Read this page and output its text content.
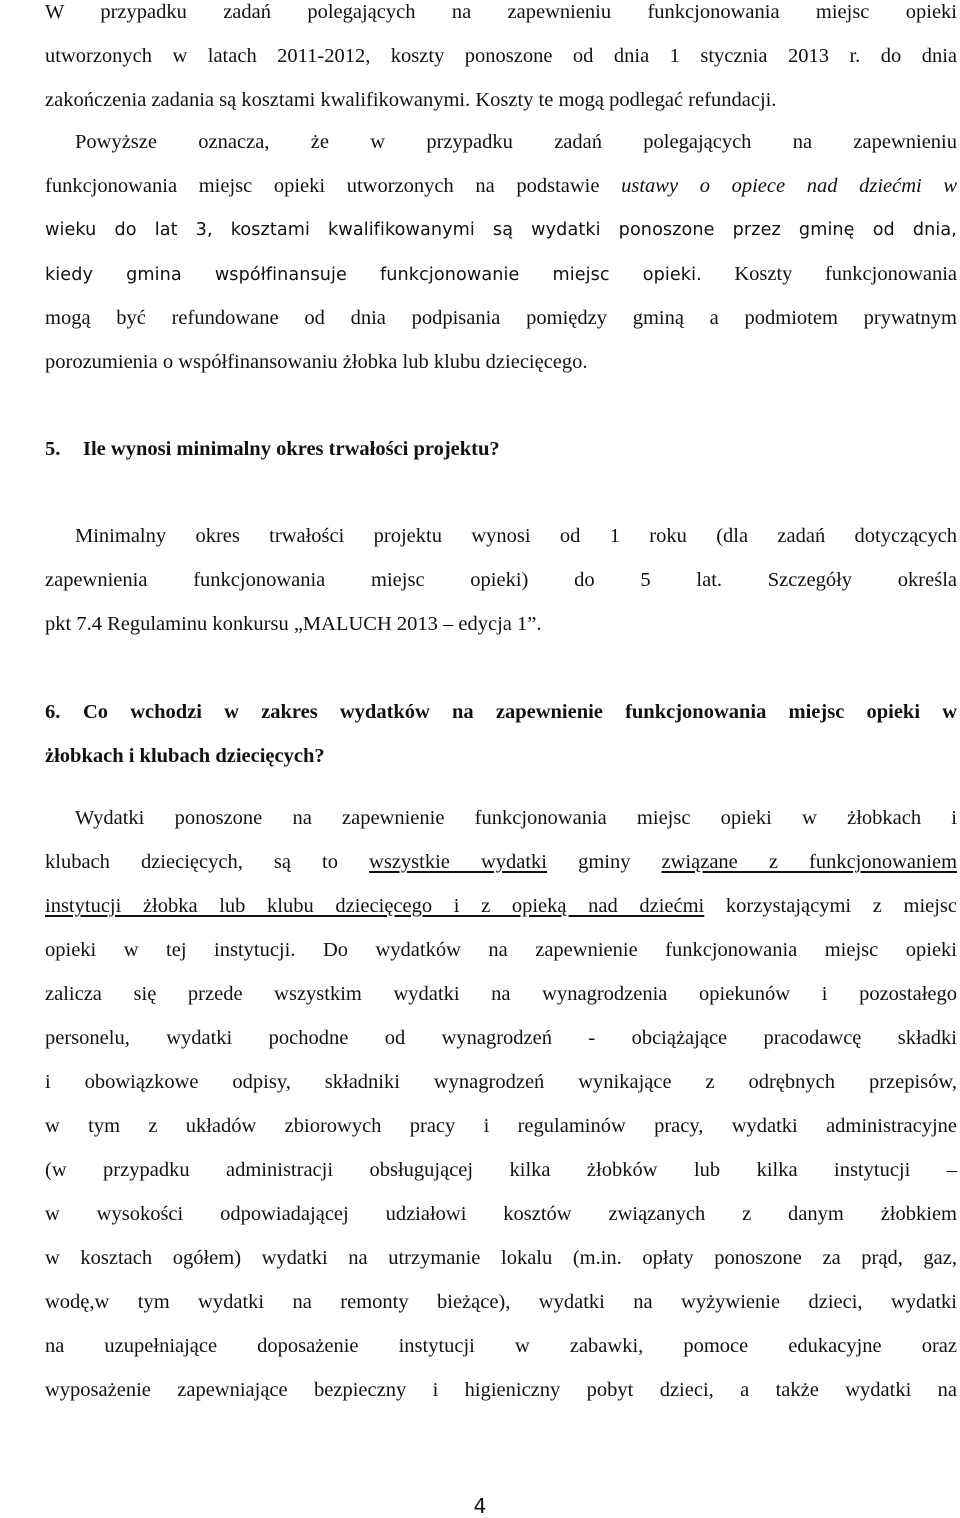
W przypadku zadań polegających na zapewnieniu funkcjonowania miejsc opieki
utworzonych w latach 2011-2012, koszty ponoszone od dnia 1 stycznia 2013 r. do dnia
zakończenia zadania są kosztami kwalifikowanymi. Koszty te mogą podlegać refundacji.
Powyższe oznacza, że w przypadku zadań polegających na zapewnieniu
funkcjonowania miejsc opieki utworzonych na podstawie ustawy o opiece nad dziećmi w
wieku do lat 3, kosztami kwalifikowanymi są wydatki ponoszone przez gminę od dnia,
kiedy gmina współfinansuje funkcjonowanie miejsc opieki. Koszty funkcjonowania
mogą być refundowane od dnia podpisania pomiędzy gminą a podmiotem prywatnym
porozumienia o współfinansowaniu żłobka lub klubu dziecięcego.
5. Ile wynosi minimalny okres trwałości projektu?
Minimalny okres trwałości projektu wynosi od 1 roku (dla zadań dotyczących
zapewnienia funkcjonowania miejsc opieki) do 5 lat. Szczegóły określa
pkt 7.4 Regulaminu konkursu „MALUCH 2013 – edycja 1”.
6. Co wchodzi w zakres wydatków na zapewnienie funkcjonowania miejsc opieki w
żłobkach i klubach dziecięcych?
Wydatki ponoszone na zapewnienie funkcjonowania miejsc opieki w żłobkach i
klubach dziecięcych, są to wszystkie wydatki gminy związane z funkcjonowaniem
instytucji żłobka lub klubu dziecięcego i z opieką nad dziećmi korzystającymi z miejsc
opieki w tej instytucji. Do wydatków na zapewnienie funkcjonowania miejsc opieki
zalicza się przede wszystkim wydatki na wynagrodzenia opiekunów i pozostałego
personelu, wydatki pochodne od wynagrodzeń - obciążające pracodawcę składki
i obowiązkowe odpisy, składniki wynagrodzeń wynikające z odrębnych przepisów,
w tym z układów zbiorowych pracy i regulaminów pracy, wydatki administracyjne
(w przypadku administracji obsługującej kilka żłobków lub kilka instytucji –
w wysokości odpowiadającej udziałowi kosztów związanych z danym żłobkiem
w kosztach ogółem) wydatki na utrzymanie lokalu (m.in. opłaty ponoszone za prąd, gaz,
wodę,w tym wydatki na remonty bieżące), wydatki na wyżywienie dzieci, wydatki
na uzupełniające doposażenie instytucji w zabawki, pomoce edukacyjne oraz
wyposażenie zapewniające bezpieczny i higieniczny pobyt dzieci, a także wydatki na
4
